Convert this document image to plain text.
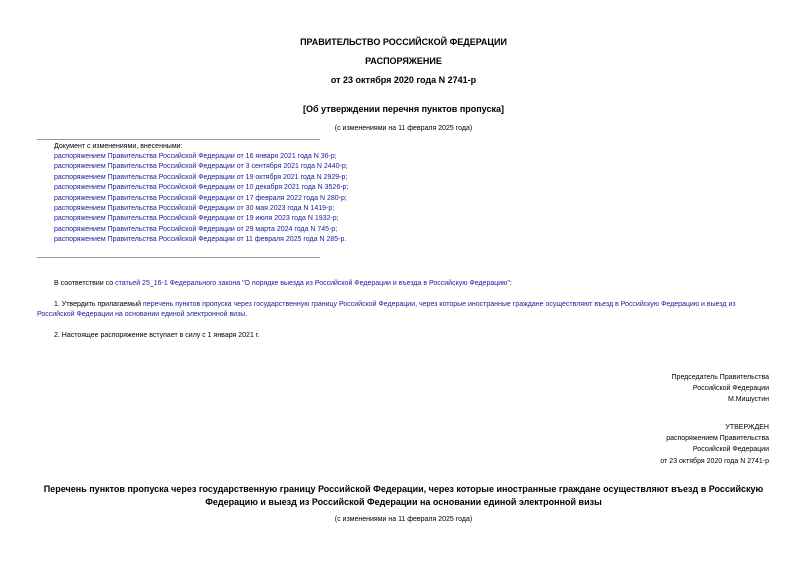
ПРАВИТЕЛЬСТВО РОССИЙСКОЙ ФЕДЕРАЦИИ
РАСПОРЯЖЕНИЕ
от 23 октября 2020 года N 2741-р
[Об утверждении перечня пунктов пропуска]
(с изменениями на 11 февраля 2025 года)
Документ с изменениями, внесенными:
распоряжением Правительства Российской Федерации от 16 января 2021 года N 36-р;
распоряжением Правительства Российской Федерации от 3 сентября 2021 года N 2440-р;
распоряжением Правительства Российской Федерации от 19 октября 2021 года N 2929-р;
распоряжением Правительства Российской Федерации от 10 декабря 2021 года N 3526-р;
распоряжением Правительства Российской Федерации от 17 февраля 2022 года N 280-р;
распоряжением Правительства Российской Федерации от 30 мая 2023 года N 1419-р;
распоряжением Правительства Российской Федерации от 19 июля 2023 года N 1932-р;
распоряжением Правительства Российской Федерации от 29 марта 2024 года N 745-р;
распоряжением Правительства Российской Федерации от 11 февраля 2025 года N 285-р.
В соответствии со статьей 25_16-1 Федерального закона "О порядке выезда из Российской Федерации и въезда в Российскую Федерацию":
1. Утвердить прилагаемый перечень пунктов пропуска через государственную границу Российской Федерации, через которые иностранные граждане осуществляют въезд в Российскую Федерацию и выезд из
Российской Федерации на основании единой электронной визы.
2. Настоящее распоряжение вступает в силу с 1 января 2021 г.
Председатель Правительства
Российской Федерации
М.Мишустин
УТВЕРЖДЕН
распоряжением Правительства
Российской Федерации
от 23 октября 2020 года N 2741-р
Перечень пунктов пропуска через государственную границу Российской Федерации, через которые иностранные граждане осуществляют въезд в Российскую
Федерацию и выезд из Российской Федерации на основании единой электронной визы
(с изменениями на 11 февраля 2025 года)
